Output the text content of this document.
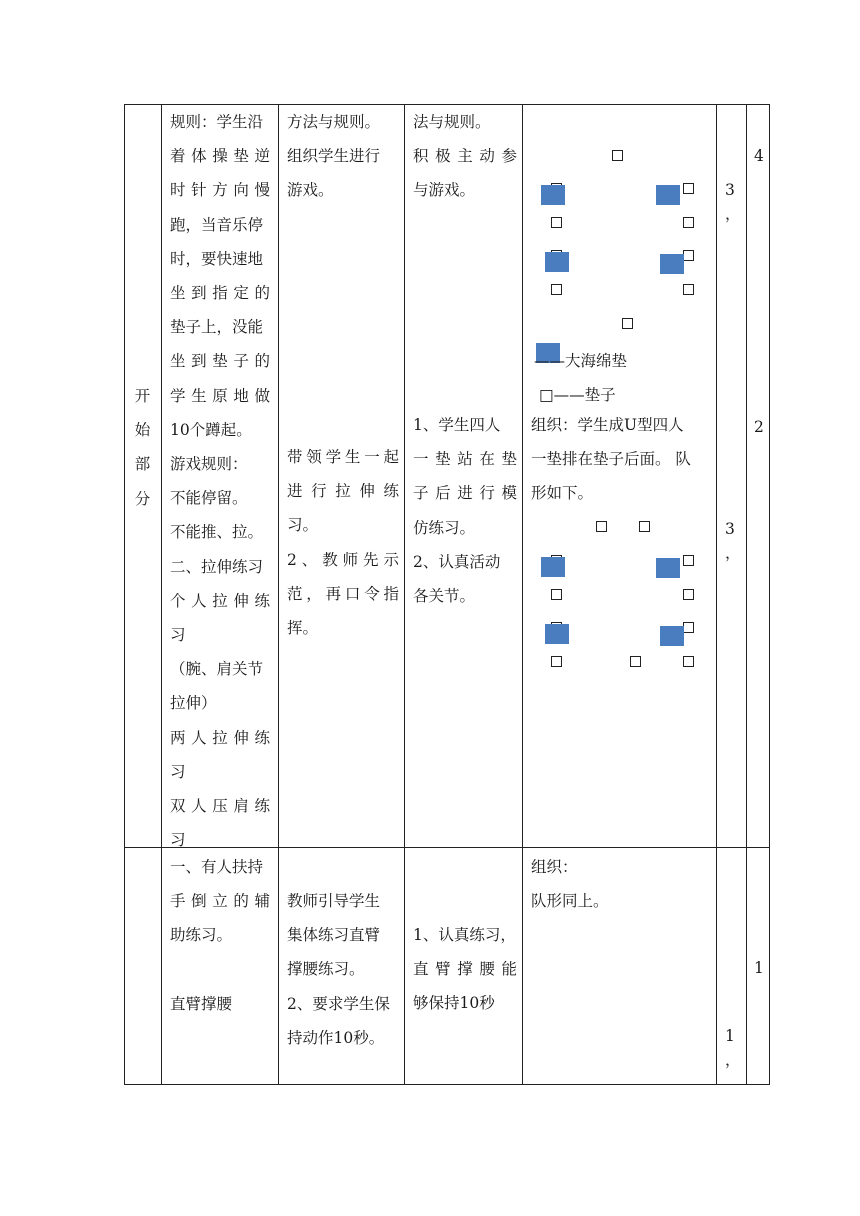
开

始

部

分

规则：学生沿

着体操垫逆

时针方向慢

跑，当音乐停

时，要快速地

坐到指定的

垫子上，没能

坐到垫子的

学生原地做

10个蹲起。

游戏规则：

不能停留。

不能推、拉。

二、拉伸练习

个人拉伸练

习

（腕、肩关节

拉伸）

两人拉伸练

习

双人压肩练

习

方法与规则。

组织学生进行

游戏。

带领学生一起

进行拉伸练

习。

2、教师先示

范，再口令指

挥。

法与规则。

积极主动参

与游戏。

1、学生四人

一垫站在垫

子后进行模

仿练习。

2、认真活动

各关节。

——大海绵垫
□——垫子

组织：学生成U型四人

一垫排在垫子后面。 队

形如下。

3
，
3
，
4
2

一、有人扶持

手倒立的辅

助练习。

直臂撑腰

教师引导学生

集体练习直臂

撑腰练习。

2、要求学生保

持动作10秒。

1、认真练习，

直臂撑腰能

够保持10秒

组织：

队形同上。

1
1
，
